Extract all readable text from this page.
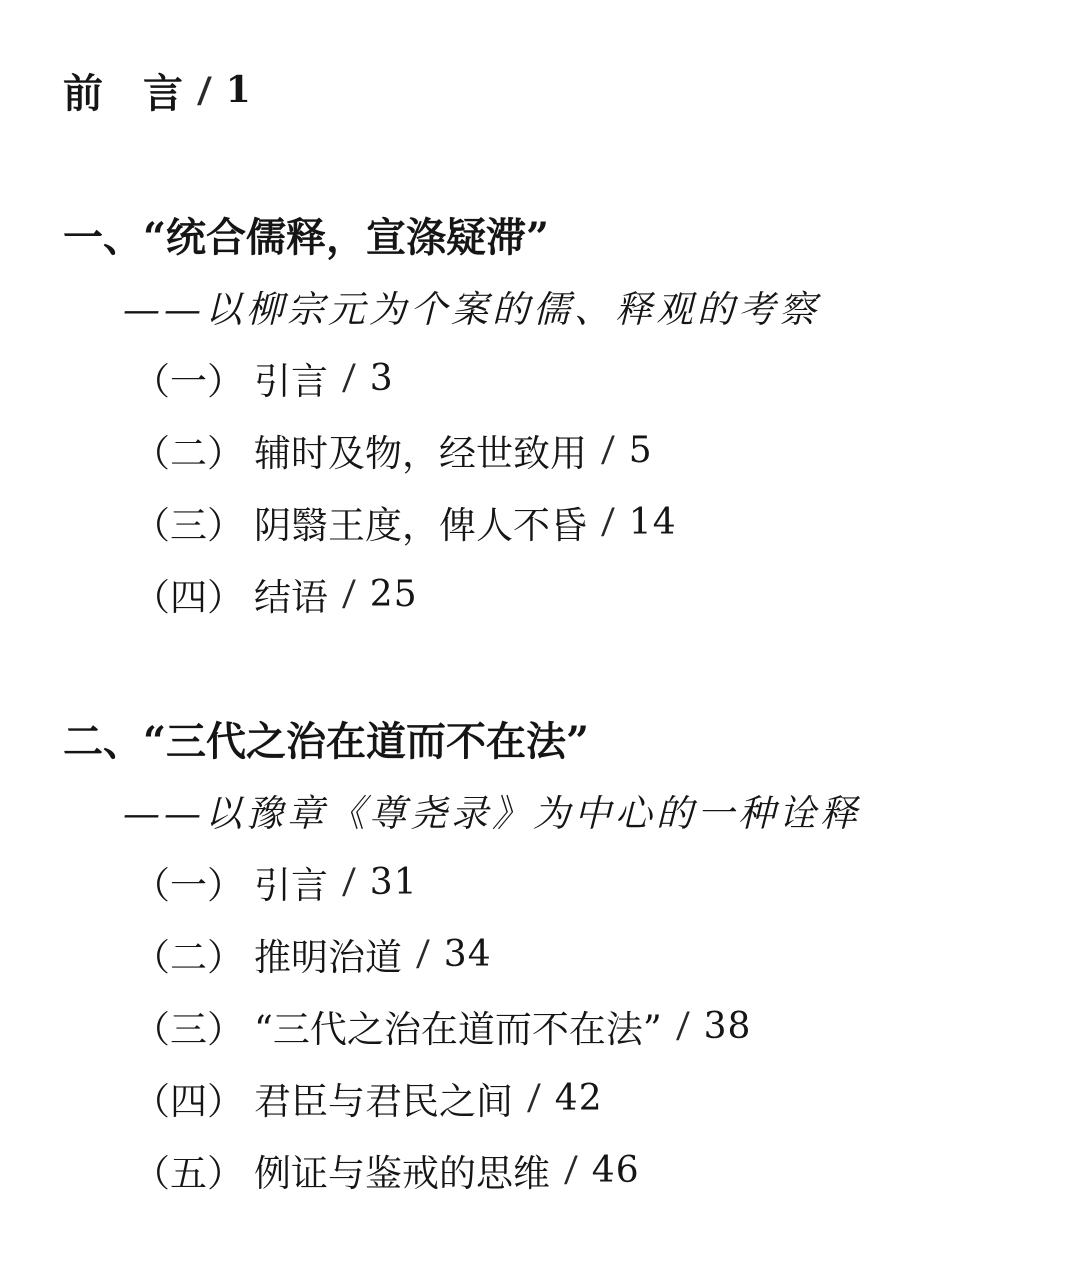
前　言 / 1
一、 “统合儒释，宣涤疑滞”
——以柳宗元为个案的儒、释观的考察
（一） 引言 / 3
（二） 辅时及物，经世致用 / 5
（三） 阴翳王度，俾人不昏 / 14
（四） 结语 / 25
二、 “三代之治在道而不在法”
——以豫章《尊尧录》为中心的一种诠释
（一） 引言 / 31
（二） 推明治道 / 34
（三） “三代之治在道而不在法” / 38
（四） 君臣与君民之间 / 42
（五） 例证与鉴戒的思维 / 46
